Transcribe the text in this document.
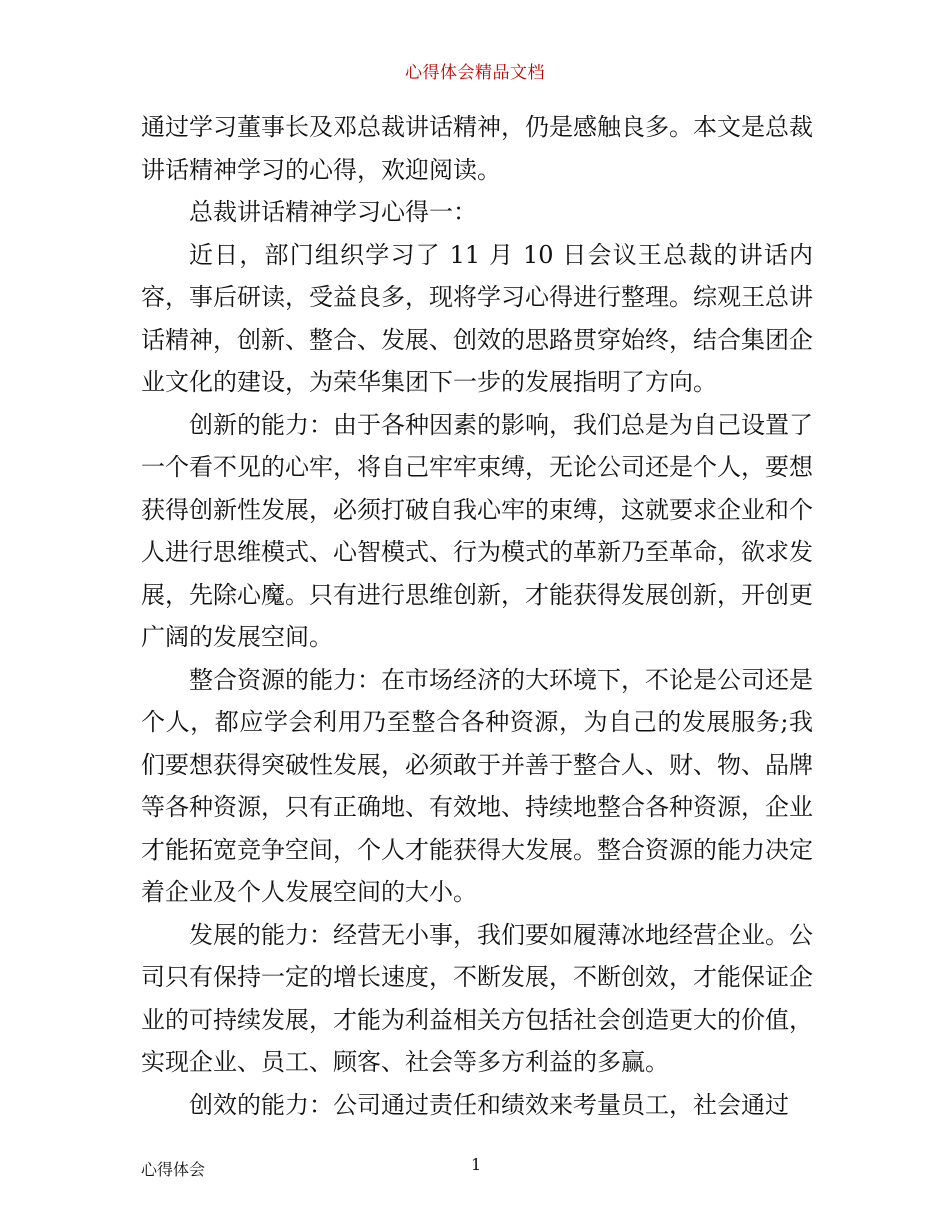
心得体会精品文档

通过学习董事长及邓总裁讲话精神，仍是感触良多。本文是总裁讲话精神学习的心得，欢迎阅读。

总裁讲话精神学习心得一：

近日，部门组织学习了 11 月 10 日会议王总裁的讲话内容，事后研读，受益良多，现将学习心得进行整理。综观王总讲话精神，创新、整合、发展、创效的思路贯穿始终，结合集团企业文化的建设，为荣华集团下一步的发展指明了方向。

创新的能力：由于各种因素的影响，我们总是为自己设置了一个看不见的心牢，将自己牢牢束缚，无论公司还是个人，要想获得创新性发展，必须打破自我心牢的束缚，这就要求企业和个人进行思维模式、心智模式、行为模式的革新乃至革命，欲求发展，先除心魔。只有进行思维创新，才能获得发展创新，开创更广阔的发展空间。

整合资源的能力：在市场经济的大环境下，不论是公司还是个人，都应学会利用乃至整合各种资源，为自己的发展服务;我们要想获得突破性发展，必须敢于并善于整合人、财、物、品牌等各种资源，只有正确地、有效地、持续地整合各种资源，企业才能拓宽竞争空间，个人才能获得大发展。整合资源的能力决定着企业及个人发展空间的大小。

发展的能力：经营无小事，我们要如履薄冰地经营企业。公司只有保持一定的增长速度，不断发展，不断创效，才能保证企业的可持续发展，才能为利益相关方包括社会创造更大的价值，实现企业、员工、顾客、社会等多方利益的多赢。

创效的能力：公司通过责任和绩效来考量员工，社会通过

心得体会	1
